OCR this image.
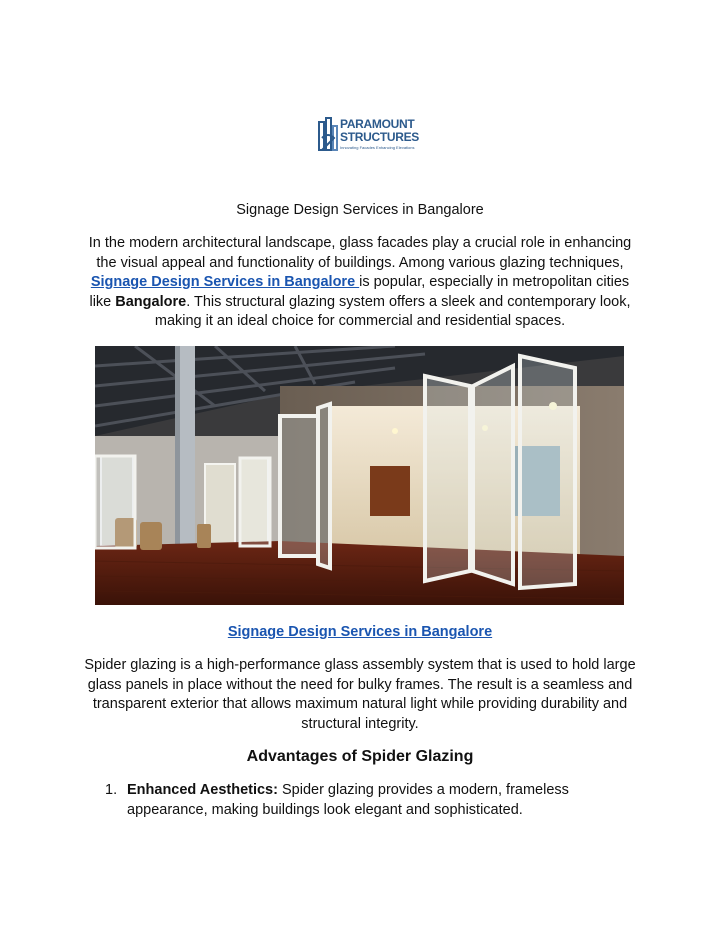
PARAMOUNT
STRUCTURES
Innovating Facades Enhancing Elevations
Signage Design Services in Bangalore
In the modern architectural landscape, glass facades play a crucial role in enhancing the visual appeal and functionality of buildings. Among various glazing techniques, Signage Design Services in Bangalore is popular, especially in metropolitan cities like Bangalore. This structural glazing system offers a sleek and contemporary look, making it an ideal choice for commercial and residential spaces.
Signage Design Services in Bangalore
Spider glazing is a high-performance glass assembly system that is used to hold large glass panels in place without the need for bulky frames. The result is a seamless and transparent exterior that allows maximum natural light while providing durability and structural integrity.
Advantages of Spider Glazing
1. Enhanced Aesthetics: Spider glazing provides a modern, frameless appearance, making buildings look elegant and sophisticated.
